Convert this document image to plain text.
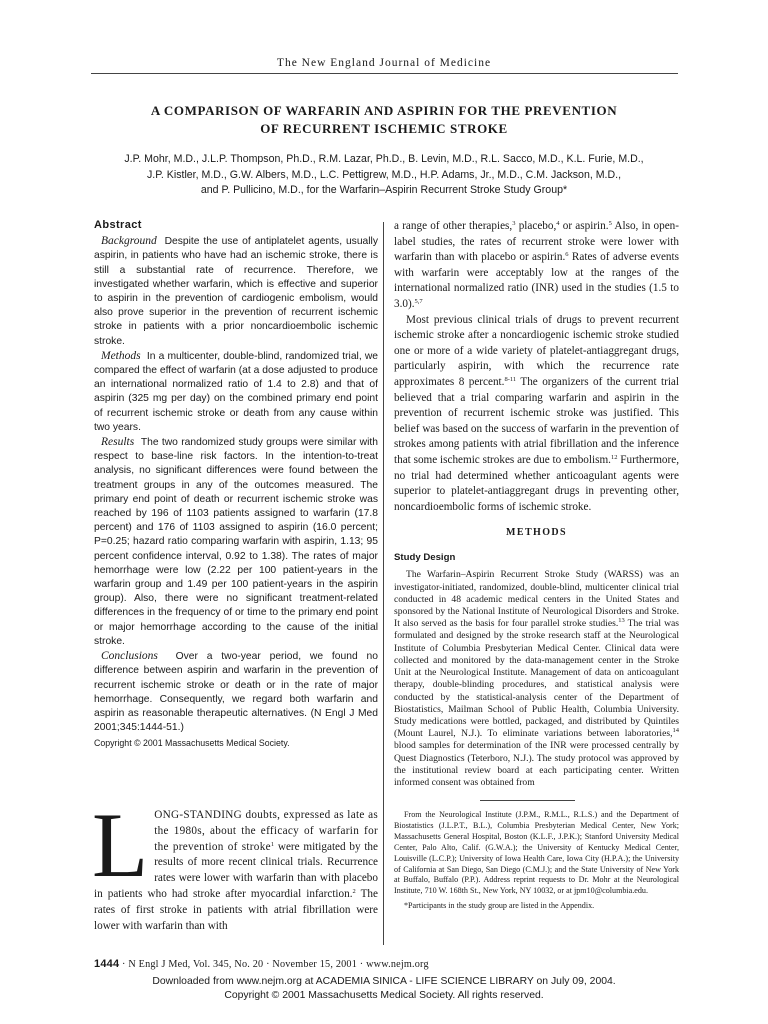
The New England Journal of Medicine
A COMPARISON OF WARFARIN AND ASPIRIN FOR THE PREVENTION
OF RECURRENT ISCHEMIC STROKE
J.P. Mohr, M.D., J.L.P. Thompson, Ph.D., R.M. Lazar, Ph.D., B. Levin, M.D., R.L. Sacco, M.D., K.L. Furie, M.D.,
J.P. Kistler, M.D., G.W. Albers, M.D., L.C. Pettigrew, M.D., H.P. Adams, Jr., M.D., C.M. Jackson, M.D.,
and P. Pullicino, M.D., for the Warfarin–Aspirin Recurrent Stroke Study Group*

Abstract

Background Despite the use of antiplatelet agents, usually aspirin, in patients who have had an ischemic stroke, there is still a substantial rate of recurrence. Therefore, we investigated whether warfarin, which is effective and superior to aspirin in the prevention of cardiogenic embolism, would also prove superior in the prevention of recurrent ischemic stroke in patients with a prior noncardioembolic ischemic stroke.

Methods In a multicenter, double-blind, randomized trial, we compared the effect of warfarin (at a dose adjusted to produce an international normalized ratio of 1.4 to 2.8) and that of aspirin (325 mg per day) on the combined primary end point of recurrent ischemic stroke or death from any cause within two years.

Results The two randomized study groups were similar with respect to base-line risk factors. In the intention-to-treat analysis, no significant differences were found between the treatment groups in any of the outcomes measured. The primary end point of death or recurrent ischemic stroke was reached by 196 of 1103 patients assigned to warfarin (17.8 percent) and 176 of 1103 assigned to aspirin (16.0 percent; P=0.25; hazard ratio comparing warfarin with aspirin, 1.13; 95 percent confidence interval, 0.92 to 1.38). The rates of major hemorrhage were low (2.22 per 100 patient-years in the warfarin group and 1.49 per 100 patient-years in the aspirin group). Also, there were no significant treatment-related differences in the frequency of or time to the primary end point or major hemorrhage according to the cause of the initial stroke.

Conclusions Over a two-year period, we found no difference between aspirin and warfarin in the prevention of recurrent ischemic stroke or death or in the rate of major hemorrhage. Consequently, we regard both warfarin and aspirin as reasonable therapeutic alternatives. (N Engl J Med 2001;345:1444-51.)

Copyright © 2001 Massachusetts Medical Society.

LONG-STANDING doubts, expressed as late as the 1980s, about the efficacy of warfarin for the prevention of stroke$^1$ were mitigated by the results of more recent clinical trials. Recurrence rates were lower with warfarin than with placebo in patients who had stroke after myocardial infarction.$^2$ The rates of first stroke in patients with atrial fibrillation were lower with warfarin than with

a range of other therapies,$^3$ placebo,$^4$ or aspirin.$^5$ Also, in open-label studies, the rates of recurrent stroke were lower with warfarin than with placebo or aspirin.$^6$ Rates of adverse events with warfarin were acceptably low at the ranges of the international normalized ratio (INR) used in the studies (1.5 to 3.0).$^{5,7}$

Most previous clinical trials of drugs to prevent recurrent ischemic stroke after a noncardiogenic ischemic stroke studied one or more of a wide variety of platelet-antiaggregant drugs, particularly aspirin, with which the recurrence rate approximates 8 percent.$^{8-11}$ The organizers of the current trial believed that a trial comparing warfarin and aspirin in the prevention of recurrent ischemic stroke was justified. This belief was based on the success of warfarin in the prevention of strokes among patients with atrial fibrillation and the inference that some ischemic strokes are due to embolism.$^{12}$ Furthermore, no trial had determined whether anticoagulant agents were superior to platelet-antiaggregant drugs in preventing other, noncardioembolic forms of ischemic stroke.

METHODS
Study Design

The Warfarin–Aspirin Recurrent Stroke Study (WARSS) was an investigator-initiated, randomized, double-blind, multicenter clinical trial conducted in 48 academic medical centers in the United States and sponsored by the National Institute of Neurological Disorders and Stroke. It also served as the basis for four parallel stroke studies.$^{13}$ The trial was formulated and designed by the stroke research staff at the Neurological Institute of Columbia Presbyterian Medical Center. Clinical data were collected and monitored by the data-management center in the Stroke Unit at the Neurological Institute. Management of data on anticoagulant therapy, double-blinding procedures, and statistical analysis were conducted by the statistical-analysis center of the Department of Biostatistics, Mailman School of Public Health, Columbia University. Study medications were bottled, packaged, and distributed by Quintiles (Mount Laurel, N.J.). To eliminate variations between laboratories,$^{14}$ blood samples for determination of the INR were processed centrally by Quest Diagnostics (Teterboro, N.J.). The study protocol was approved by the institutional review board at each participating center. Written informed consent was obtained from

From the Neurological Institute (J.P.M., R.M.L., R.L.S.) and the Department of Biostatistics (J.L.P.T., B.L.), Columbia Presbyterian Medical Center, New York; Massachusetts General Hospital, Boston (K.L.F., J.P.K.); Stanford University Medical Center, Palo Alto, Calif. (G.W.A.); the University of Kentucky Medical Center, Louisville (L.C.P.); University of Iowa Health Care, Iowa City (H.P.A.); the University of California at San Diego, San Diego (C.M.J.); and the State University of New York at Buffalo, Buffalo (P.P.). Address reprint requests to Dr. Mohr at the Neurological Institute, 710 W. 168th St., New York, NY 10032, or at jpm10@columbia.edu.

*Participants in the study group are listed in the Appendix.

1444 · N Engl J Med, Vol. 345, No. 20 · November 15, 2001 · www.nejm.org
Downloaded from www.nejm.org at ACADEMIA SINICA - LIFE SCIENCE LIBRARY on July 09, 2004.
Copyright © 2001 Massachusetts Medical Society. All rights reserved.
